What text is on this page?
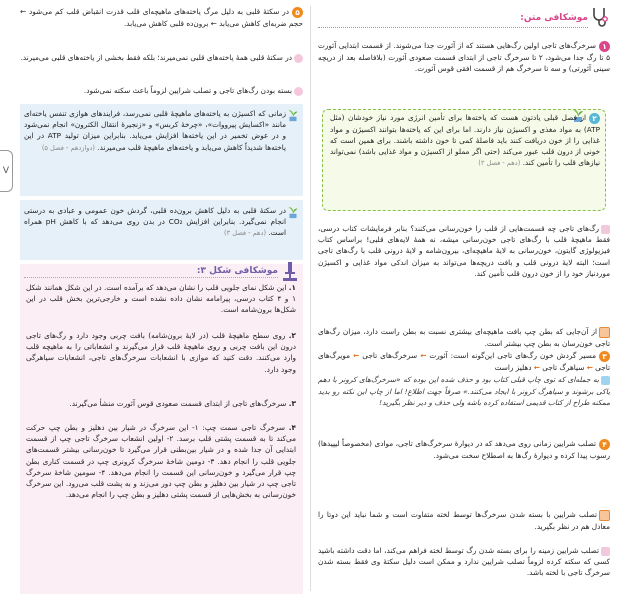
موشکافی متن:
۱سرخرگ‌های تاجی اولین رگ‌هایی هستند که از آئورت جدا می‌شوند. از قسمت ابتدایی آئورت ۵ تا رگ جدا می‌شود، ۲ تا سرخرگ تاجی از ابتدای قسمت صعودی آئورت (بلافاصله بعد از دریچه سینی آئورتی) و سه تا سرخرگ هم از قسمت افقی قوس آئورت.
۲از فصل قبلی یادتون هست که یاخته‌ها برای تأمین انرژی مورد نیاز خودشان (مثل ATP) به مواد مغذی و اکسیژن نیاز دارند. اما برای این که یاخته‌ها بتوانند اکسیژن و مواد غذایی را از خون دریافت کنند باید فاصلهٔ کمی تا خون داشته باشند. برای همین است که خونی از درون قلب عبور می‌کند (حتی اگر مملو از اکسیژن و مواد غذایی باشد) نمی‌تواند نیازهای قلب را تأمین کند. (دهم - فصل ۳)
رگ‌های تاجی چه قسمت‌هایی از قلب را خون‌رسانی می‌کنند؟ بنابر فرمایشات کتاب درسی، فقط ماهیچهٔ قلب با رگ‌های تاجی خون‌رسانی میشه، نه همهٔ لایه‌های قلبی! براساس کتاب فیزیولوژی گایتون، خون‌رسانی به لایهٔ ماهیچه‌ای، بیرون‌شامه و لایهٔ درونی قلب با رگ‌های تاجی است؛ البته لایهٔ درونی قلب و بافت دریچه‌ها می‌تواند به میزان اندکی مواد غذایی و اکسیژن موردنیاز خود را از خون درون قلب تأمین کند.
از آن‌جایی که بطن چپ بافت ماهیچه‌ای بیشتری نسبت به بطن راست دارد، میزان رگ‌های تاجی خون‌رسان به بطن چپ بیشتر است.
۳مسیر گردش خون رگ‌های تاجی این‌گونه است: آئورت ← سرخرگ‌های تاجی ← مویرگ‌های تاجی ← سیاهرگ تاجی ← دهلیز راست
به جمله‌ای که توی چاپ قبلی کتاب بود و حذف شده این بوده که «سرخرگ‌های کرونر با دهم یاکی برشوند و سیاهرگ کرونر با ایجاد می‌کنند.» صرفاً جهت اطلاع! اما از چاپ این نکته رو بدید ممکنه طراح از کتاب قدیمی استفاده کرده باشه ولی حذف و دیر نظر بگیرید!
۴تصلب شرایین زمانی روی می‌دهد که در دیوارهٔ سرخرگ‌های تاجی، موادی (مخصوصاً لیپیدها) رسوب پیدا کرده و دیوارهٔ رگ‌ها به اصطلاح سخت می‌شود.
تصلب شرایین با بسته شدن سرخرگ‌ها توسط لخته متفاوت است و شما نباید این دوتا را معادل هم در نظر بگیرید.
تصلب شرایین زمینه را برای بسته شدن رگ توسط لخته فراهم می‌کند، اما دقت داشته باشید کسی که سکته کرده لزوماً تصلب شرایین ندارد و ممکن است دلیل سکتهٔ وی فقط بسته شدن سرخرگ تاجی با لخته باشد.
۵در سکتهٔ قلبی به دلیل مرگ یاخته‌های ماهیچه‌ای قلب قدرت انقباض قلب کم می‌شود ← حجم ضربه‌ای کاهش می‌یابد ← برون‌ده قلبی کاهش می‌یابد.
در سکتهٔ قلبی همهٔ یاخته‌های قلبی نمی‌میرند؛ بلکه فقط بخشی از یاخته‌های قلبی می‌میرند.
بسته بودن رگ‌های تاجی و تصلب شرایین لزوماً باعث سکته نمی‌شود.
زمانی که اکسیژن به یاخته‌های ماهیچهٔ قلبی نمی‌رسد، فرایندهای هوازی تنفس یاخته‌ای مانند «اکسایش پیرووات»، «چرخهٔ کربس» و «زنجیرهٔ انتقال الکترون» انجام نمی‌شود و در عوض تخمیر در این یاخته‌ها افزایش می‌یابد. بنابراین میزان تولید ATP در این یاخته‌ها شدیداً کاهش می‌یابد و یاخته‌های ماهیچهٔ قلب می‌میرند. (دوازدهم - فصل ۵)
در سکتهٔ قلبی به دلیل کاهش برون‌ده قلبی، گردش خون عمومی و عبادی به درستی انجام نمی‌گیرد. بنابراین افزایش CO₂ در بدن روی می‌دهد که با کاهش pH همراه است. (دهم - فصل ۳)
موشکافی شکل ۳:
۱. این شکل نمای جلویی قلب را نشان می‌دهد که برآمده است. در این شکل همانند شکل ۱ و ۴ کتاب درسی، پیرامامه نشان داده نشده است و خارجی‌ترین بخش قلب در این شکل‌ها برون‌شامه است.
۲. روی سطح ماهیچهٔ قلب (در لایهٔ برون‌شامه) بافت چربی وجود دارد و رگ‌های تاجی درون این بافت چربی و روی ماهیچهٔ قلب قرار می‌گیرند و انشعاباتی را به ماهیچه قلب وارد می‌کنند. دقت کنید که موازی با انشعابات سرخرگ‌های تاجی، انشعابات سیاهرگی وجود دارد.
۳. سرخرگ‌های تاجی از ابتدای قسمت صعودی قوس آئورت منشأ می‌گیرند.
۴. سرخرگ تاجی سمت چپ: ۱- این سرخرگ در شیار بین دهلیز و بطن چپ حرکت می‌کند تا به قسمت پشتی قلب برسد. ۲- اولین انشعاب سرخرگ تاجی چپ از قسمت ابتدایی آن جدا شده و در شیار بین‌بطنی قرار می‌گیرد تا خون‌رسانی بیشتر قسمت‌های جلویی قلب را انجام دهد. ۳- دومین شاخهٔ سرخرگ کرونری چپ در قسمت کناری بطن چپ قرار می‌گیرد و خون‌رسانی این قسمت را انجام می‌دهد. ۴- سومین شاخهٔ سرخرگ تاجی چپ در شیار بین دهلیز و بطن چپ دور می‌زند و به پشت قلب می‌رود. این سرخرگ خون‌رسانی به بخش‌هایی از قسمت پشتی دهلیز و بطن چپ را انجام می‌دهد.
V
